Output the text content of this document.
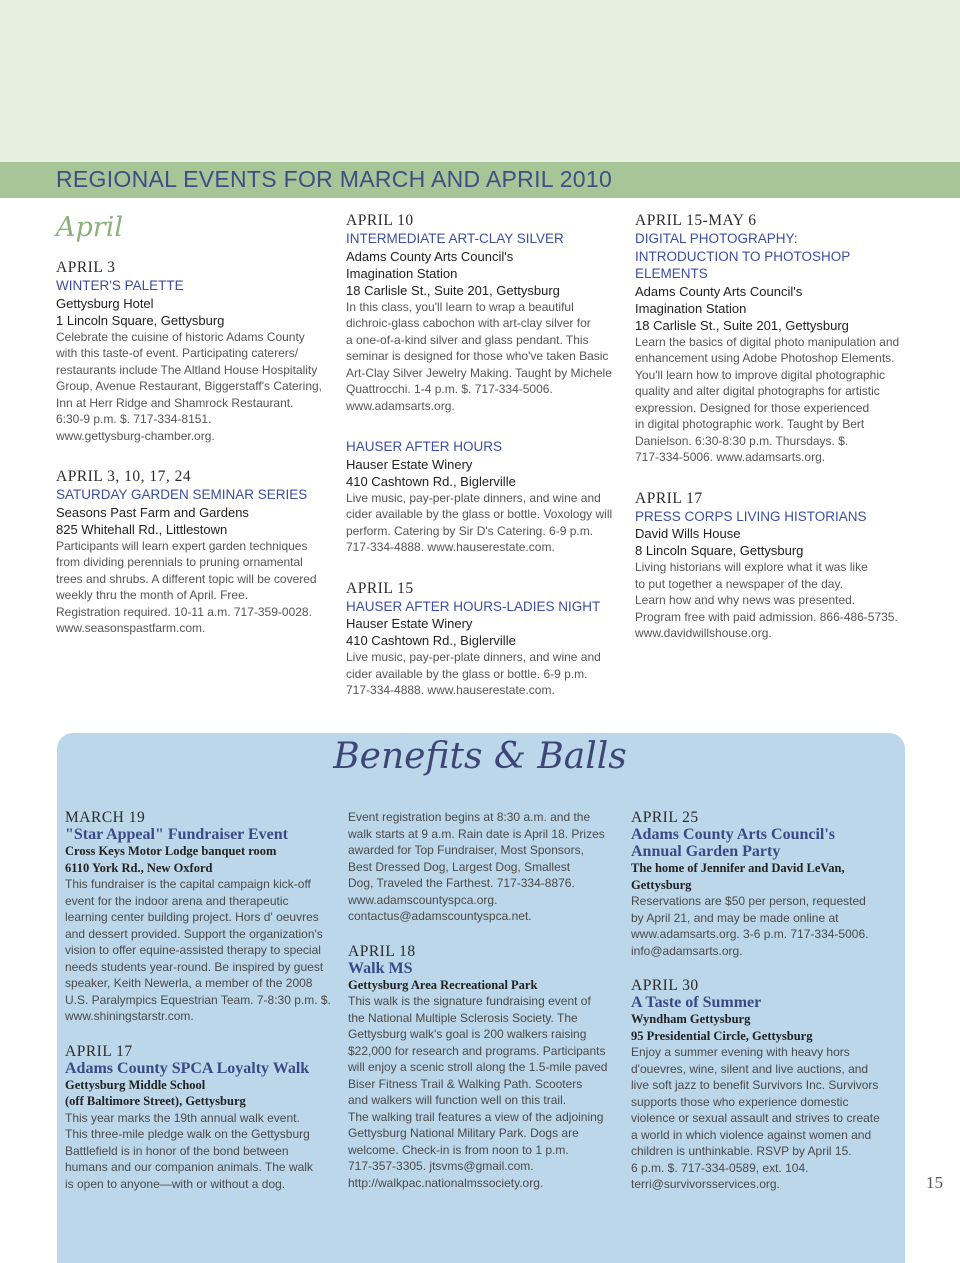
REGIONAL EVENTS FOR MARCH AND APRIL 2010
April
APRIL 3
WINTER'S PALETTE
Gettysburg Hotel
1 Lincoln Square, Gettysburg
Celebrate the cuisine of historic Adams County
with this taste-of event. Participating caterers/
restaurants include The Altland House Hospitality
Group, Avenue Restaurant, Biggerstaff's Catering,
Inn at Herr Ridge and Shamrock Restaurant.
6:30-9 p.m. $. 717-334-8151.
www.gettysburg-chamber.org.
APRIL 3, 10, 17, 24
SATURDAY GARDEN SEMINAR SERIES
Seasons Past Farm and Gardens
825 Whitehall Rd., Littlestown
Participants will learn expert garden techniques
from dividing perennials to pruning ornamental
trees and shrubs. A different topic will be covered
weekly thru the month of April. Free.
Registration required. 10-11 a.m. 717-359-0028.
www.seasonspastfarm.com.
APRIL 10
INTERMEDIATE ART-CLAY SILVER
Adams County Arts Council's
Imagination Station
18 Carlisle St., Suite 201, Gettysburg
In this class, you'll learn to wrap a beautiful
dichroic-glass cabochon with art-clay silver for
a one-of-a-kind silver and glass pendant. This
seminar is designed for those who've taken Basic
Art-Clay Silver Jewelry Making. Taught by Michele
Quattrocchi. 1-4 p.m. $. 717-334-5006.
www.adamsarts.org.
HAUSER AFTER HOURS
Hauser Estate Winery
410 Cashtown Rd., Biglerville
Live music, pay-per-plate dinners, and wine and
cider available by the glass or bottle. Voxology will
perform. Catering by Sir D's Catering. 6-9 p.m.
717-334-4888. www.hauserestate.com.
APRIL 15
HAUSER AFTER HOURS-LADIES NIGHT
Hauser Estate Winery
410 Cashtown Rd., Biglerville
Live music, pay-per-plate dinners, and wine and
cider available by the glass or bottle. 6-9 p.m.
717-334-4888. www.hauserestate.com.
APRIL 15-MAY 6
DIGITAL PHOTOGRAPHY:
INTRODUCTION TO PHOTOSHOP
ELEMENTS
Adams County Arts Council's
Imagination Station
18 Carlisle St., Suite 201, Gettysburg
Learn the basics of digital photo manipulation and
enhancement using Adobe Photoshop Elements.
You'll learn how to improve digital photographic
quality and alter digital photographs for artistic
expression. Designed for those experienced
in digital photographic work. Taught by Bert
Danielson. 6:30-8:30 p.m. Thursdays. $.
717-334-5006. www.adamsarts.org.
APRIL 17
PRESS CORPS LIVING HISTORIANS
David Wills House
8 Lincoln Square, Gettysburg
Living historians will explore what it was like
to put together a newspaper of the day.
Learn how and why news was presented.
Program free with paid admission. 866-486-5735.
www.davidwillshouse.org.
Benefits & Balls
MARCH 19
"Star Appeal" Fundraiser Event
Cross Keys Motor Lodge banquet room
6110 York Rd., New Oxford
This fundraiser is the capital campaign kick-off
event for the indoor arena and therapeutic
learning center building project. Hors d' oeuvres
and dessert provided. Support the organization's
vision to offer equine-assisted therapy to special
needs students year-round. Be inspired by guest
speaker, Keith Newerla, a member of the 2008
U.S. Paralympics Equestrian Team. 7-8:30 p.m. $.
www.shiningstarstr.com.
APRIL 17
Adams County SPCA Loyalty Walk
Gettysburg Middle School
(off Baltimore Street), Gettysburg
This year marks the 19th annual walk event.
This three-mile pledge walk on the Gettysburg
Battlefield is in honor of the bond between
humans and our companion animals. The walk
is open to anyone—with or without a dog.
Event registration begins at 8:30 a.m. and the
walk starts at 9 a.m. Rain date is April 18. Prizes
awarded for Top Fundraiser, Most Sponsors,
Best Dressed Dog, Largest Dog, Smallest
Dog, Traveled the Farthest. 717-334-8876.
www.adamscountyspca.org.
contactus@adamscountyspca.net.
APRIL 18
Walk MS
Gettysburg Area Recreational Park
This walk is the signature fundraising event of
the National Multiple Sclerosis Society. The
Gettysburg walk's goal is 200 walkers raising
$22,000 for research and programs. Participants
will enjoy a scenic stroll along the 1.5-mile paved
Biser Fitness Trail & Walking Path. Scooters
and walkers will function well on this trail.
The walking trail features a view of the adjoining
Gettysburg National Military Park. Dogs are
welcome. Check-in is from noon to 1 p.m.
717-357-3305. jtsvms@gmail.com.
http://walkpac.nationalmssociety.org.
APRIL 25
Adams County Arts Council's
Annual Garden Party
The home of Jennifer and David LeVan,
Gettysburg
Reservations are $50 per person, requested
by April 21, and may be made online at
www.adamsarts.org. 3-6 p.m. 717-334-5006.
info@adamsarts.org.
APRIL 30
A Taste of Summer
Wyndham Gettysburg
95 Presidential Circle, Gettysburg
Enjoy a summer evening with heavy hors
d'ouevres, wine, silent and live auctions, and
live soft jazz to benefit Survivors Inc. Survivors
supports those who experience domestic
violence or sexual assault and strives to create
a world in which violence against women and
children is unthinkable. RSVP by April 15.
6 p.m. $. 717-334-0589, ext. 104.
terri@survivorsservices.org.	15
